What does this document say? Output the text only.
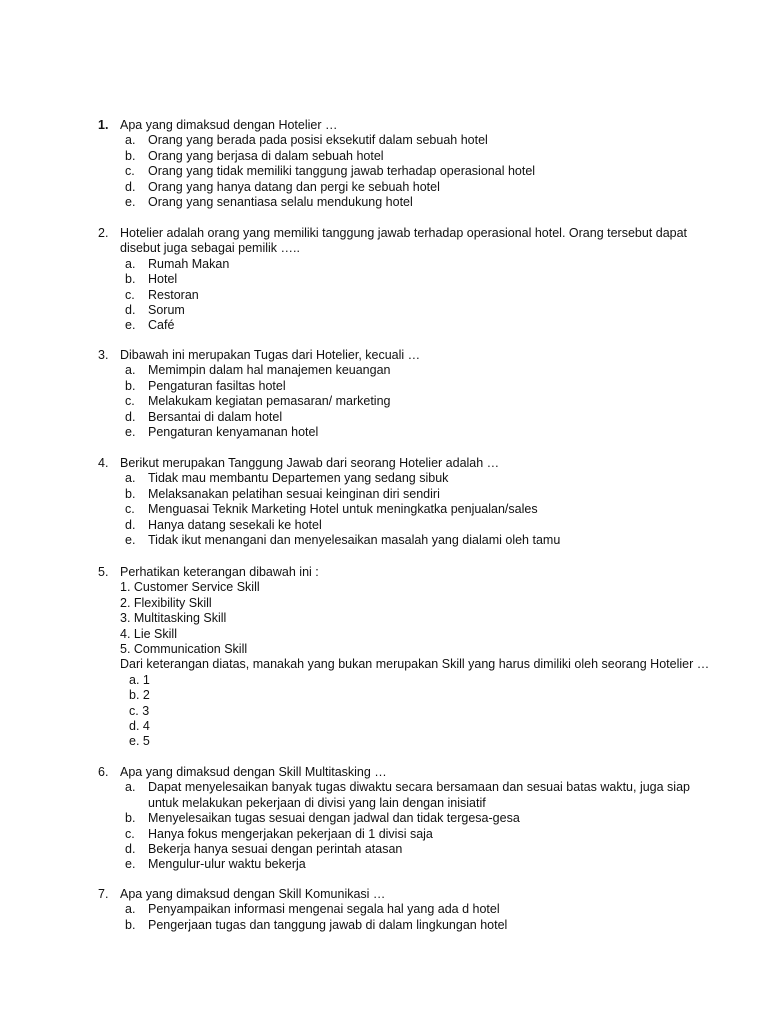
1. Apa yang dimaksud dengan Hotelier …
a.	Orang yang berada pada posisi eksekutif dalam sebuah hotel
b.	Orang yang berjasa di dalam sebuah hotel
c.	Orang yang tidak memiliki tanggung jawab terhadap operasional hotel
d.	Orang yang hanya datang dan pergi ke sebuah hotel
e.	Orang yang senantiasa selalu mendukung hotel
2. Hotelier adalah orang yang memiliki tanggung jawab terhadap operasional hotel. Orang tersebut dapat
disebut juga sebagai pemilik …..
a.	Rumah Makan
b.	Hotel
c.	Restoran
d.	Sorum
e.	Café
3. Dibawah ini merupakan Tugas dari Hotelier, kecuali …
a.	Memimpin dalam hal manajemen keuangan
b.	Pengaturan fasiltas hotel
c.	Melakukam kegiatan pemasaran/ marketing
d.	Bersantai di dalam hotel
e.	Pengaturan kenyamanan hotel
4. Berikut merupakan Tanggung Jawab dari seorang Hotelier adalah …
a.	Tidak mau membantu Departemen yang sedang sibuk
b.	Melaksanakan pelatihan sesuai keinginan diri sendiri
c.	Menguasai Teknik Marketing Hotel untuk meningkatka penjualan/sales
d.	Hanya datang sesekali ke hotel
e.	Tidak ikut menangani dan menyelesaikan masalah yang dialami oleh tamu
5. Perhatikan keterangan dibawah ini :
1. Customer Service Skill
2. Flexibility Skill
3. Multitasking Skill
4. Lie Skill
5. Communication Skill
Dari keterangan diatas, manakah yang bukan merupakan Skill yang harus dimiliki oleh seorang Hotelier …
a. 1
b. 2
c. 3
d. 4
e. 5
6. Apa yang dimaksud dengan Skill Multitasking …
a.	Dapat menyelesaikan banyak tugas diwaktu secara bersamaan dan sesuai batas waktu, juga siap
untuk melakukan pekerjaan di divisi yang lain dengan inisiatif
b.	Menyelesaikan tugas sesuai dengan jadwal dan tidak tergesa-gesa
c.	Hanya fokus mengerjakan pekerjaan di 1 divisi saja
d.	Bekerja hanya sesuai dengan perintah atasan
e.	Mengulur-ulur waktu bekerja
7. Apa yang dimaksud dengan Skill Komunikasi …
a.	Penyampaikan informasi mengenai segala hal yang ada d hotel
b.	Pengerjaan tugas dan tanggung jawab di dalam lingkungan hotel
